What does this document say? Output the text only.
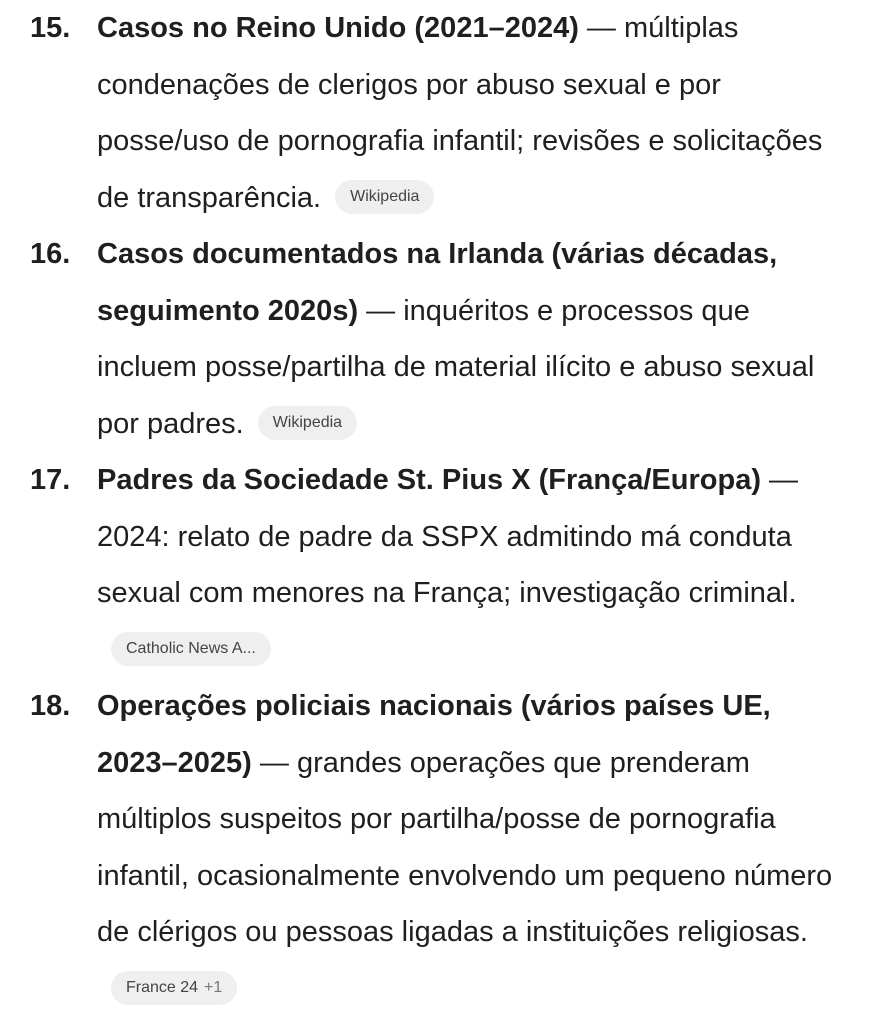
15. Casos no Reino Unido (2021–2024) — múltiplas condenações de clerigos por abuso sexual e por posse/uso de pornografia infantil; revisões e solicitações de transparência. Wikipedia
16. Casos documentados na Irlanda (várias décadas, seguimento 2020s) — inquéritos e processos que incluem posse/partilha de material ilícito e abuso sexual por padres. Wikipedia
17. Padres da Sociedade St. Pius X (França/Europa) — 2024: relato de padre da SSPX admitindo má conduta sexual com menores na França; investigação criminal.Catholic News A...
18. Operações policiais nacionais (vários países UE, 2023–2025) — grandes operações que prenderam múltiplos suspeitos por partilha/posse de pornografia infantil, ocasionalmente envolvendo um pequeno número de clérigos ou pessoas ligadas a instituições religiosas.France 24 +1
